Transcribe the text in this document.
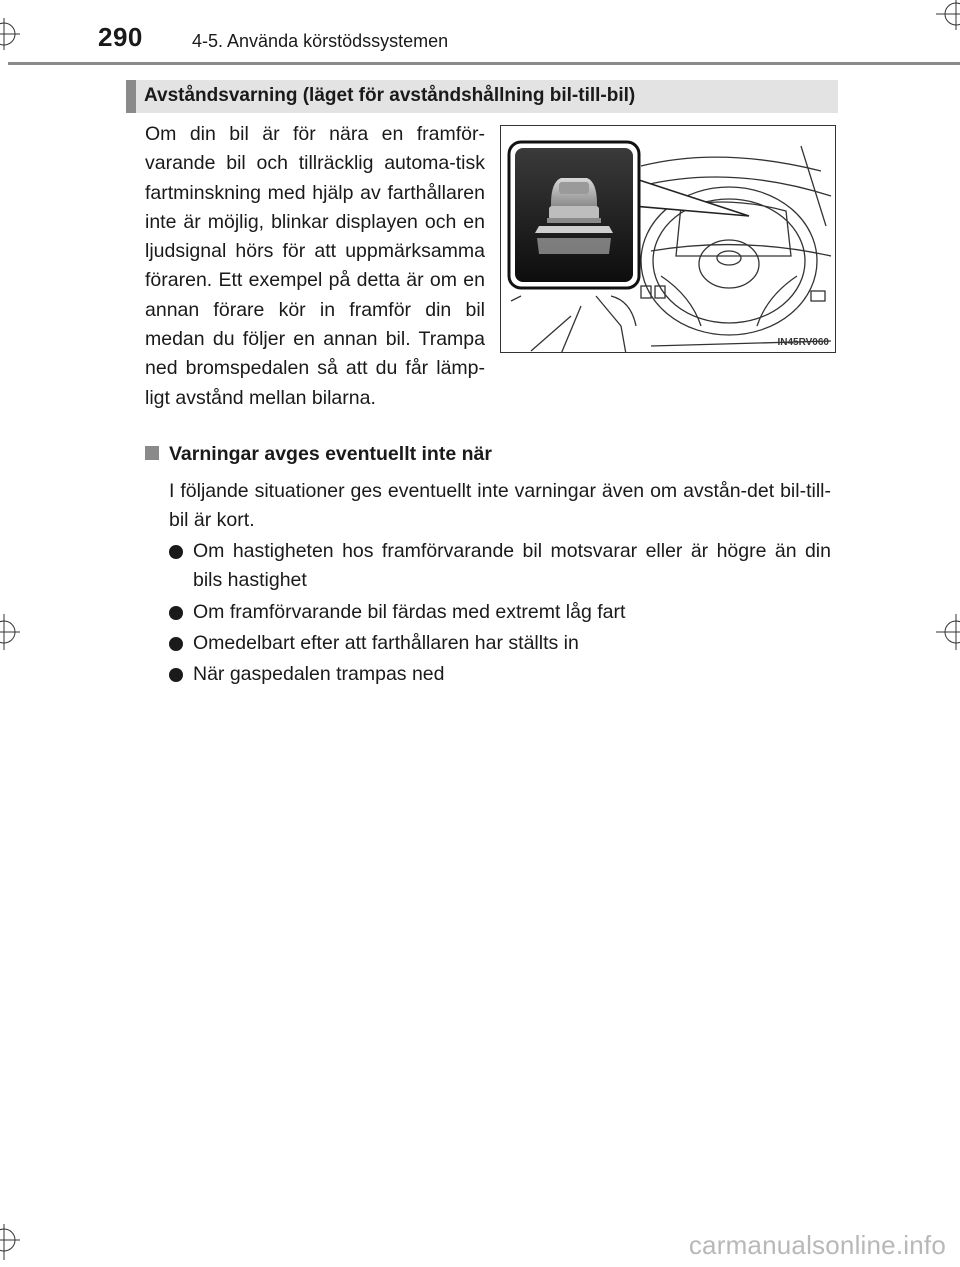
290	4-5. Använda körstödssystemen
Avståndsvarning (läget för avståndshållning bil-till-bil)
Om din bil är för nära en framför-varande bil och tillräcklig automa-tisk fartminskning med hjälp av farthållaren inte är möjlig, blinkar displayen och en ljudsignal hörs för att uppmärksamma föraren. Ett exempel på detta är om en annan förare kör in framför din bil medan du följer en annan bil. Trampa ned bromspedalen så att du får lämp-ligt avstånd mellan bilarna.
IN45RV060
Varningar avges eventuellt inte när
I följande situationer ges eventuellt inte varningar även om avstån-det bil-till-bil är kort.
Om hastigheten hos framförvarande bil motsvarar eller är högre än din bils hastighet
Om framförvarande bil färdas med extremt låg fart
Omedelbart efter att farthållaren har ställts in
När gaspedalen trampas ned
carmanualsonline.info
